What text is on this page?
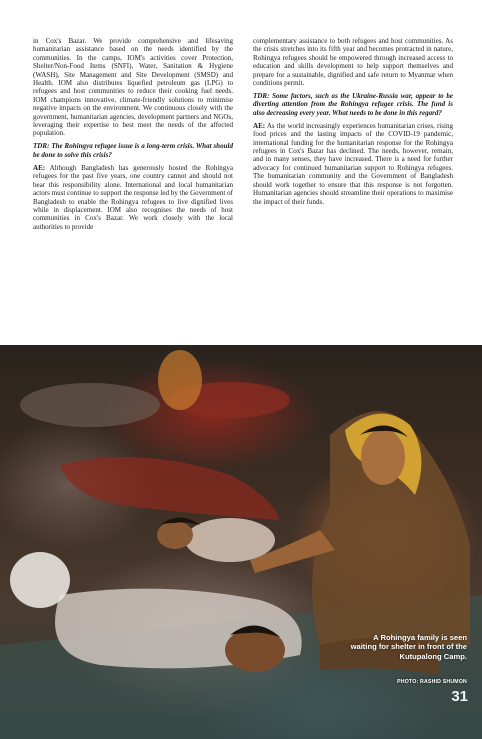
in Cox's Bazar. We provide comprehensive and lifesaving humanitarian assistance based on the needs identified by the communities. In the camps, IOM's activities cover Protection, Shelter/Non-Food Items (SNFI), Water, Sanitation & Hygiene (WASH), Site Management and Site Development (SMSD) and Health. IOM also distributes liquefied petroleum gas (LPG) to refugees and host communities to reduce their cooking fuel needs. IOM champions innovative, climate-friendly solutions to minimise negative impacts on the environment. We continuous closely with the government, humanitarian agencies, development partners and NGOs, leveraging their expertise to best meet the needs of the affected population.

TDR: The Rohingya refugee issue is a long-term crisis. What should be done to solve this crisis?

AE: Although Bangladesh has generously hosted the Rohingya refugees for the past five years, one country cannot and should not bear this responsibility alone. International and local humanitarian actors must continue to support the response led by the Government of Bangladesh to enable the Rohingya refugees to live dignified lives while in displacement. IOM also recognises the needs of host communities in Cox's Bazar. We work closely with the local authorities to provide

complementary assistance to both refugees and host communities. As the crisis stretches into its fifth year and becomes protracted in nature, Rohingya refugees should be empowered through increased access to education and skills development to help support themselves and prepare for a sustainable, dignified and safe return to Myanmar when conditions permit.

TDR: Some factors, such as the Ukraine-Russia war, appear to be diverting attention from the Rohingya refugee crisis. The fund is also decreasing every year. What needs to be done in this regard?

AE: As the world increasingly experiences humanitarian crises, rising food prices and the lasting impacts of the COVID-19 pandemic, international funding for the humanitarian response for the Rohingya refugees in Cox's Bazar has declined. The needs, however, remain, and in many senses, they have increased. There is a need for further advocacy for continued humanitarian support to Rohingya refugees. The humanitarian community and the Government of Bangladesh should work together to ensure that this response is not forgotten. Humanitarian agencies should streamline their operations to maximise the impact of their funds.

A Rohingya family is seen
waiting for shelter in front of the
Kutupalong Camp.
PHOTO: RASHID SHUMON
31
